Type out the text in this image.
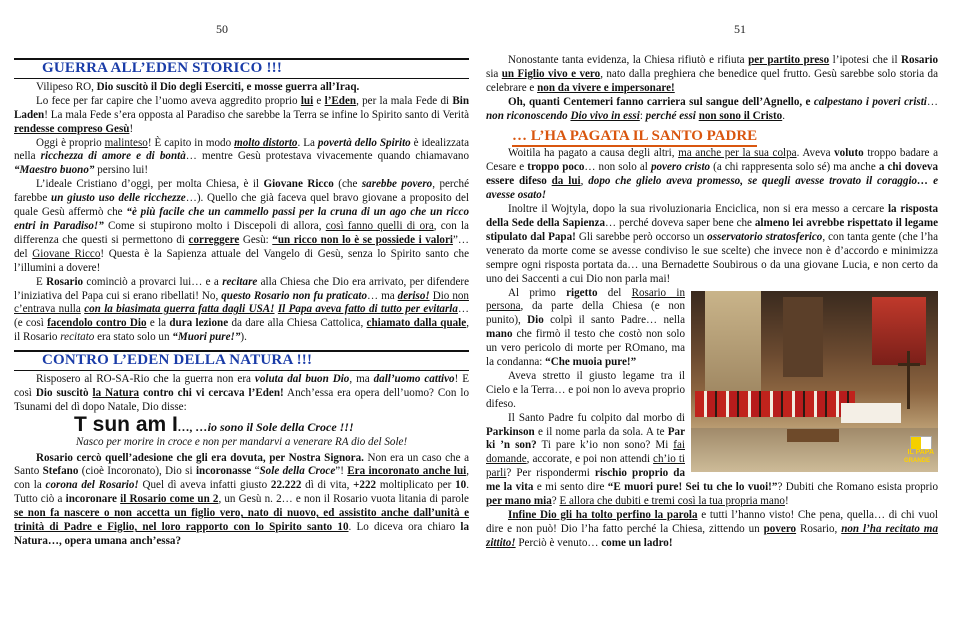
50
GUERRA ALL’EDEN STORICO !!!

Vilipeso RO, Dio suscitò il Dio degli Eserciti, e mosse guerra all’Iraq.

Lo fece per far capire che l’uomo aveva aggredito proprio lui e l’Eden, per la mala Fede di Bin Laden! La mala Fede s’era opposta al Paradiso che sarebbe la Terra se infine lo Spirito santo di Verità rendesse compreso Gesù!

Oggi è proprio malinteso! È capito in modo molto distorto. La povertà dello Spirito è idealizzata nella ricchezza di amore e di bontà… mentre Gesù protestava vivacemente quando chiamavano “Maestro buono” persino lui!

L’ideale Cristiano d’oggi, per molta Chiesa, è il Giovane Ricco (che sarebbe povero, perché farebbe un giusto uso delle ricchezze…). Quello che già faceva quel bravo giovane a proposito del quale Gesù affermò che “è più facile che un cammello passi per la cruna di un ago che un ricco entri in Paradiso!” Come si stupirono molto i Discepoli di allora, così fanno quelli di ora, con la differenza che questi si permettono di correggere Gesù: “un ricco non lo è se possiede i valori”… del Giovane Ricco! Questa è la Sapienza attuale del Vangelo di Gesù, senza lo Spirito santo che l’illumini a dovere!

E Rosario cominciò a provarci lui… e a recitare alla Chiesa che Dio era arrivato, per difendere l’iniziativa del Papa cui si erano ribellati! No, questo Rosario non fu praticato… ma deriso! Dio non c’entrava nulla con la biasimata guerra fatta dagli USA! Il Papa aveva fatto di tutto per evitarla… (e così facendolo contro Dio e la dura lezione da dare alla Chiesa Cattolica, chiamato dalla quale, il Rosario recitato era stato solo un “Muori pure!”).

CONTRO L’EDEN DELLA NATURA !!!

Risposero al RO-SA-Rio che la guerra non era voluta dal buon Dio, ma dall’uomo cattivo! E così Dio suscitò la Natura contro chi vi cercava l’Eden! Anch’essa era opera dell’uomo? Con lo Tsunami del dì dopo Natale, Dio disse:

T sun am I…, …io sono il Sole della Croce !!!

Nasco per morire in croce e non per mandarvi a venerare RA dio del Sole!

Rosario cercò quell’adesione che gli era dovuta, per Nostra Signora. Non era un caso che a Santo Stefano (cioè Incoronato), Dio si incoronasse “Sole della Croce”! Era incoronato anche lui, con la corona del Rosario! Quel dì aveva infatti giusto 22.222 dì di vita, +222 moltiplicato per 10. Tutto ciò a incoronare il Rosario come un 2, un Gesù n. 2… e non il Rosario vuota litania di parole se non fa nascere o non accetta un figlio vero, nato di nuovo, ed assistito anche dall’unità e trinità di Padre e Figlio, nel loro rapporto con lo Spirito santo 10. Lo diceva ora chiaro la Natura…, opera umana anch’essa?

51

Nonostante tanta evidenza, la Chiesa rifiutò e rifiuta per partito preso l’ipotesi che il Rosario sia un Figlio vivo e vero, nato dalla preghiera che benedice quel frutto. Gesù sarebbe solo storia da celebrare e non da vivere e impersonare!

Oh, quanti Centemeri fanno carriera sul sangue dell’Agnello, e calpestano i poveri cristi… non riconoscendo Dio vivo in essi: perché essi non sono il Cristo.

… L’HA PAGATA IL SANTO PADRE

Woitila ha pagato a causa degli altri, ma anche per la sua colpa. Aveva voluto troppo badare a Cesare e troppo poco… non solo al povero cristo (a chi rappresenta solo sé) ma anche a chi doveva essere difeso da lui, dopo che glielo aveva promesso, se quegli avesse trovato il coraggio… e avesse osato!

Inoltre il Wojtyla, dopo la sua rivoluzionaria Enciclica, non si era messo a cercare la risposta della Sede della Sapienza… perché doveva saper bene che almeno lei avrebbe rispettato il legame stipulato dal Papa! Gli sarebbe però occorso un osservatorio stratosferico, con tanta gente (che l’ha venerato da morte come se avesse condiviso le sue scelte) che invece non è d’accordo e minimizza sempre ogni risposta portata da… una Bernadette Soubirous o da una giovane Lucia, e non certo da uno dei Saccenti a cui Dio non parla mai!

IL PAPA
GRANDE

Al primo rigetto del Rosario in persona, da parte della Chiesa (e non punito), Dio colpì il santo Padre… nella mano che firmò il testo che costò non solo un vero pericolo di morte per ROmano, ma la condanna: “Che muoia pure!”

Aveva stretto il giusto legame tra il Cielo e la Terra… e poi non lo aveva proprio difeso.

Il Santo Padre fu colpito dal morbo di Parkinson e il nome parla da sola. A te Par ki ’n son? Ti pare k’io non sono? Mi fai domande, accorate, e poi non attendi ch’io ti parli? Per rispondermi rischio proprio da me la vita e mi sento dire “E muori pure! Sei tu che lo vuoi!”? Dubiti che Romano esista proprio per mano mia? E allora che dubiti e tremi così la tua propria mano!

Infine Dio gli ha tolto perfino la parola e tutti l’hanno visto! Che pena, quella… di chi vuol dire e non può! Dio l’ha fatto perché la Chiesa, zittendo un povero Rosario, non l’ha recitato ma zittito! Perciò è venuto… come un ladro!
